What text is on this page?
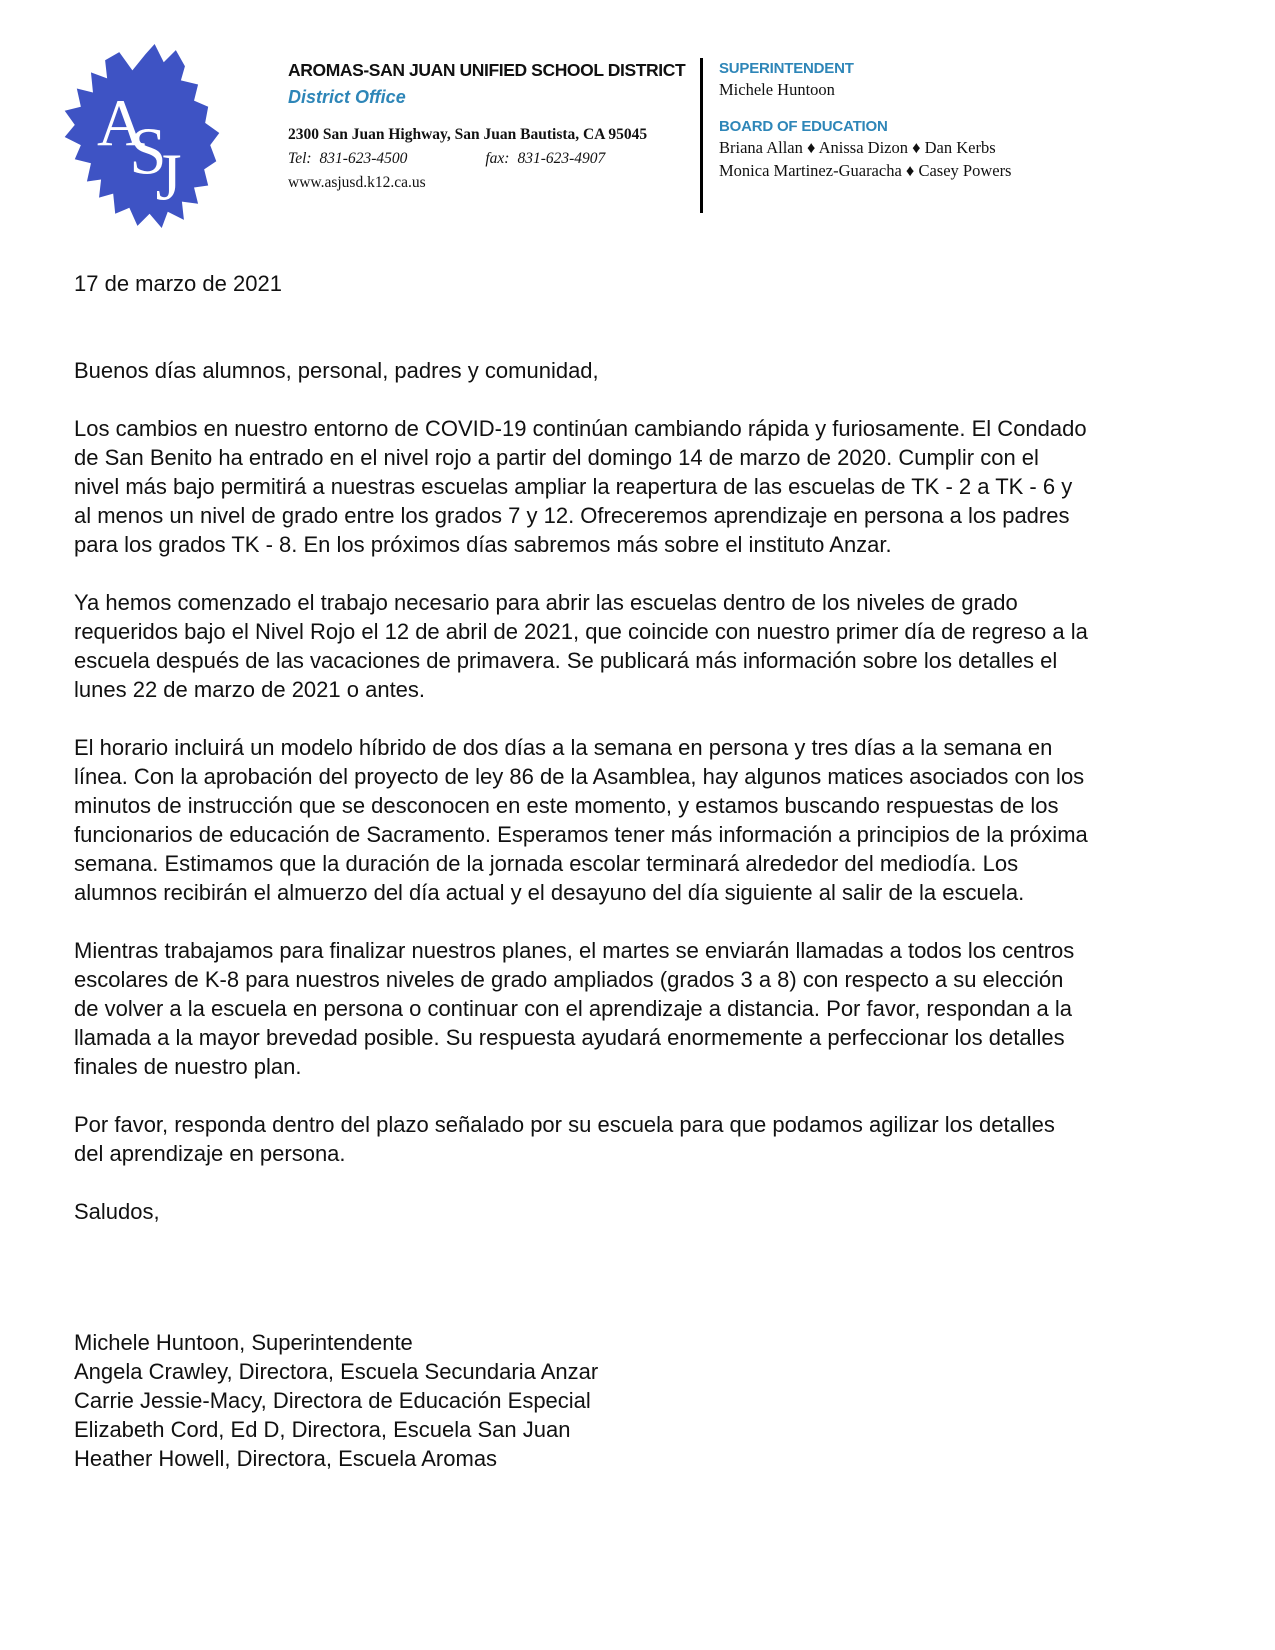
A
S
J
AROMAS-SAN JUAN UNIFIED SCHOOL DISTRICT
District Office
2300 San Juan Highway, San Juan Bautista, CA 95045
Tel: 831-623-4500	fax: 831-623-4907
www.asjusd.k12.ca.us
SUPERINTENDENT
Michele Huntoon
BOARD OF EDUCATION
Briana Allan ♦ Anissa Dizon ♦ Dan Kerbs
Monica Martinez-Guaracha ♦ Casey Powers

17 de marzo de 2021

Buenos días alumnos, personal, padres y comunidad,

Los cambios en nuestro entorno de COVID-19 continúan cambiando rápida y furiosamente. El Condado de San Benito ha entrado en el nivel rojo a partir del domingo 14 de marzo de 2020. Cumplir con el nivel más bajo permitirá a nuestras escuelas ampliar la reapertura de las escuelas de TK - 2 a TK - 6 y al menos un nivel de grado entre los grados 7 y 12. Ofreceremos aprendizaje en persona a los padres para los grados TK - 8. En los próximos días sabremos más sobre el instituto Anzar.

Ya hemos comenzado el trabajo necesario para abrir las escuelas dentro de los niveles de grado requeridos bajo el Nivel Rojo el 12 de abril de 2021, que coincide con nuestro primer día de regreso a la escuela después de las vacaciones de primavera. Se publicará más información sobre los detalles el lunes 22 de marzo de 2021 o antes.

El horario incluirá un modelo híbrido de dos días a la semana en persona y tres días a la semana en línea. Con la aprobación del proyecto de ley 86 de la Asamblea, hay algunos matices asociados con los minutos de instrucción que se desconocen en este momento, y estamos buscando respuestas de los funcionarios de educación de Sacramento. Esperamos tener más información a principios de la próxima semana. Estimamos que la duración de la jornada escolar terminará alrededor del mediodía. Los alumnos recibirán el almuerzo del día actual y el desayuno del día siguiente al salir de la escuela.

Mientras trabajamos para finalizar nuestros planes, el martes se enviarán llamadas a todos los centros escolares de K-8 para nuestros niveles de grado ampliados (grados 3 a 8) con respecto a su elección de volver a la escuela en persona o continuar con el aprendizaje a distancia. Por favor, respondan a la llamada a la mayor brevedad posible. Su respuesta ayudará enormemente a perfeccionar los detalles finales de nuestro plan.

Por favor, responda dentro del plazo señalado por su escuela para que podamos agilizar los detalles del aprendizaje en persona.

Saludos,

Michele Huntoon, Superintendente

Angela Crawley, Directora, Escuela Secundaria Anzar

Carrie Jessie-Macy, Directora de Educación Especial

Elizabeth Cord, Ed D, Directora, Escuela San Juan

Heather Howell, Directora, Escuela Aromas
